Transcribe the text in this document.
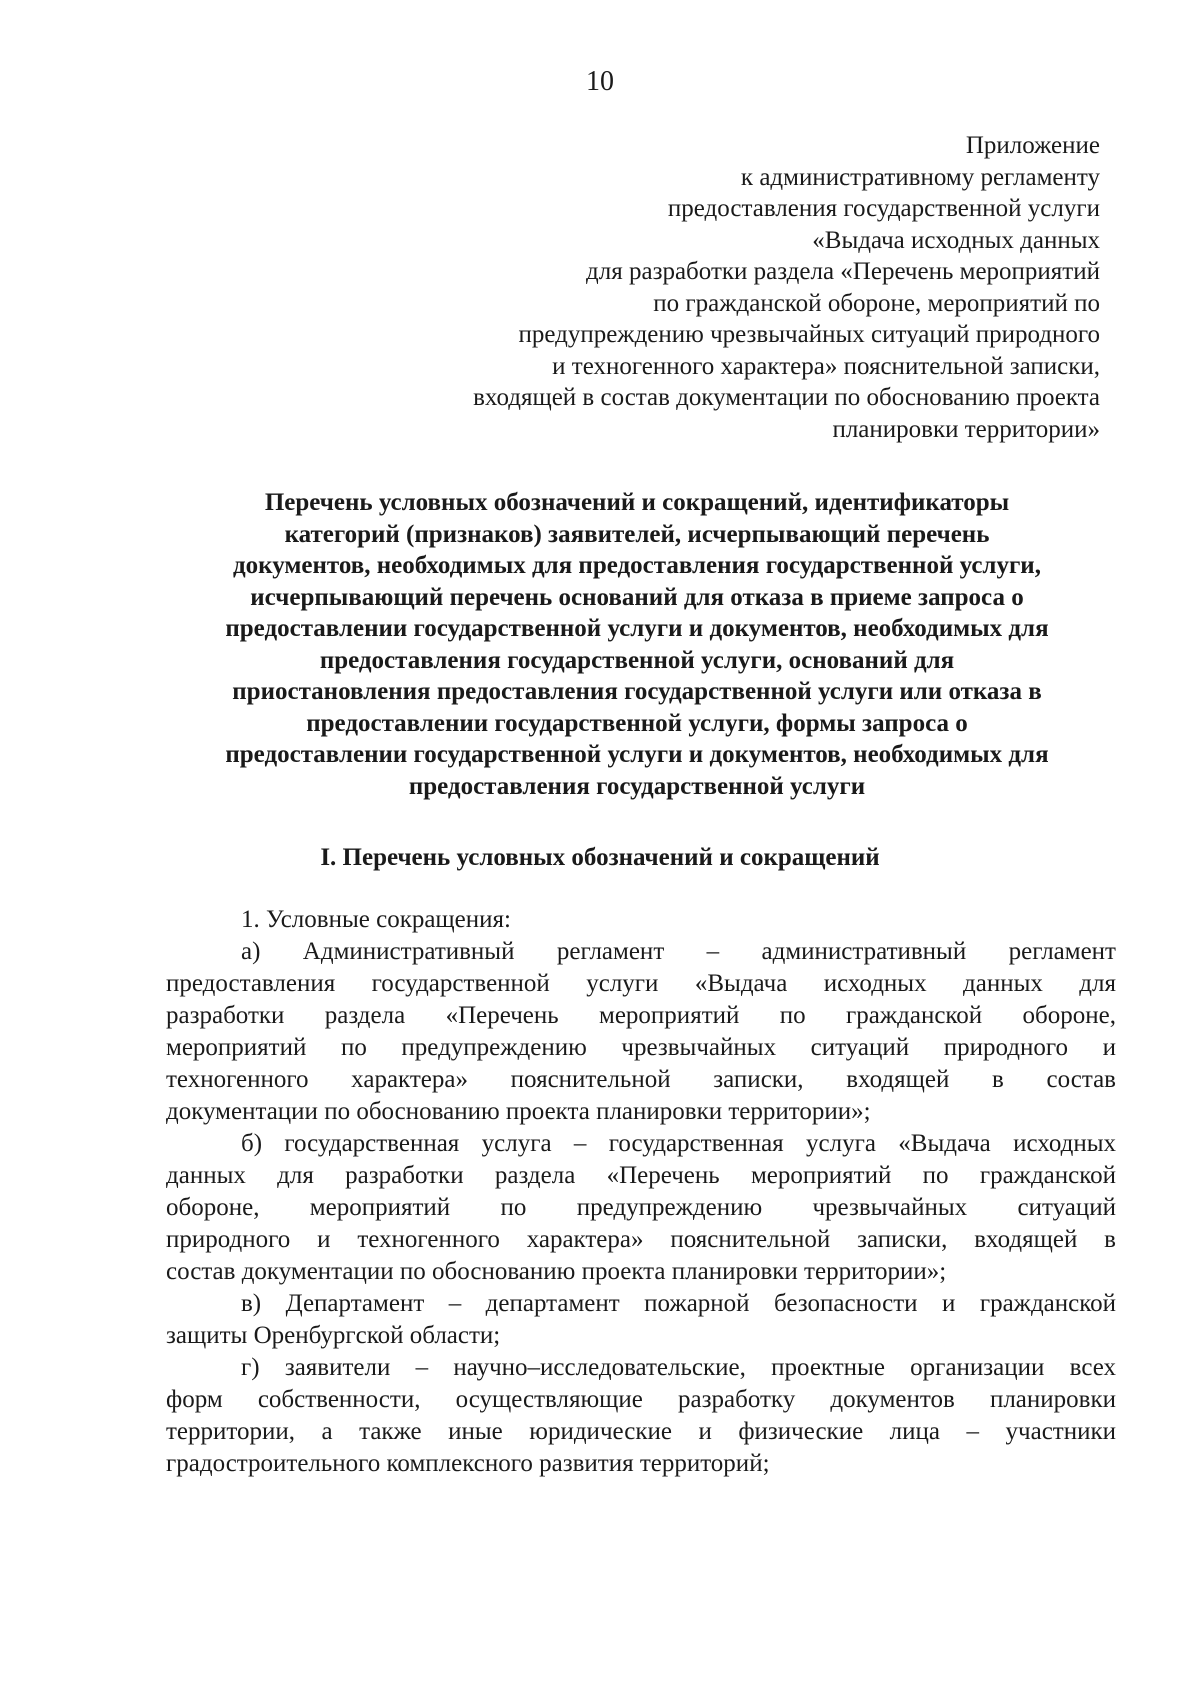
10
Приложение
к административному регламенту
предоставления государственной услуги
«Выдача исходных данных
для разработки раздела «Перечень мероприятий
по гражданской обороне, мероприятий по
предупреждению чрезвычайных ситуаций природного
и техногенного характера» пояснительной записки,
входящей в состав документации по обоснованию проекта
планировки территории»
Перечень условных обозначений и сокращений, идентификаторы
категорий (признаков) заявителей, исчерпывающий перечень
документов, необходимых для предоставления государственной услуги,
исчерпывающий перечень оснований для отказа в приеме запроса о
предоставлении государственной услуги и документов, необходимых для
предоставления государственной услуги, оснований для
приостановления предоставления государственной услуги или отказа в
предоставлении государственной услуги, формы запроса о
предоставлении государственной услуги и документов, необходимых для
предоставления государственной услуги
I. Перечень условных обозначений и сокращений

1. Условные сокращения:

а) Административный регламент – административный регламент
предоставления государственной услуги «Выдача исходных данных для
разработки раздела «Перечень мероприятий по гражданской обороне,
мероприятий по предупреждению чрезвычайных ситуаций природного и
техногенного характера» пояснительной записки, входящей в состав
документации по обоснованию проекта планировки территории»;
б) государственная услуга – государственная услуга «Выдача исходных
данных для разработки раздела «Перечень мероприятий по гражданской
обороне, мероприятий по предупреждению чрезвычайных ситуаций
природного и техногенного характера» пояснительной записки, входящей в
состав документации по обоснованию проекта планировки территории»;
в) Департамент – департамент пожарной безопасности и гражданской
защиты Оренбургской области;
г) заявители – научно–исследовательские, проектные организации всех
форм собственности, осуществляющие разработку документов планировки
территории, а также иные юридические и физические лица – участники
градостроительного комплексного развития территорий;
